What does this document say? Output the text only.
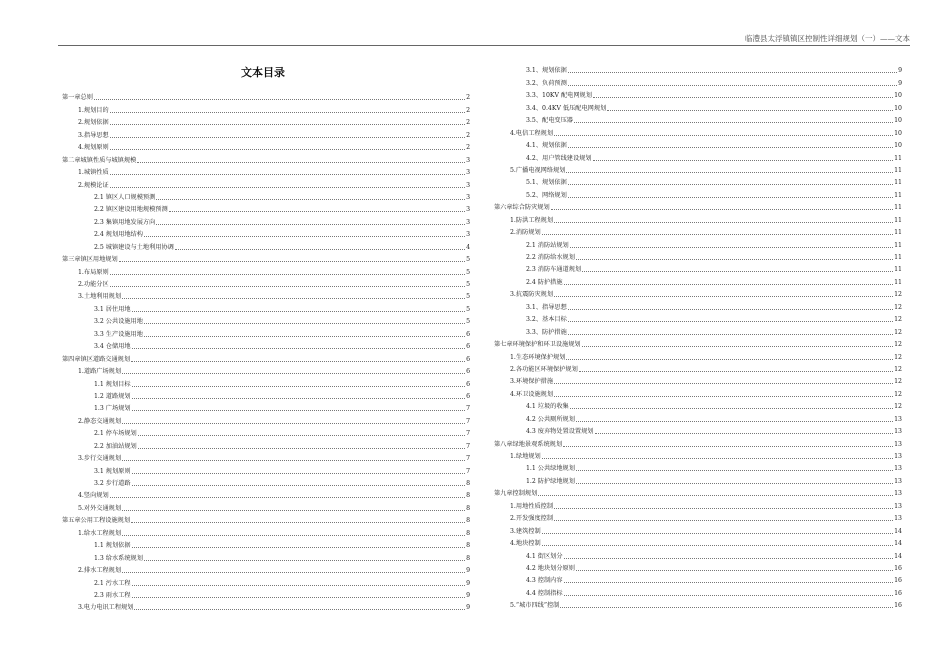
临澧县太浮镇镇区控制性详细规划（一）——文本
文本目录
第一章总则	2
1.规划目的	2
2.规划依据	2
3.指导思想	2
4.规划原则	2
第二章城镇性质与城镇规模	3
1.城镇性质	3
2.规模论证	3
2.1 镇区人口规模预测	3
2.2 镇区建设用地规模预测	3
2.3 集镇用地发展方向	3
2.4 规划用地结构	3
2.5 城镇建设与土地利用协调	4
第三章镇区用地规划	5
1.布局原则	5
2.功能分区	5
3.土地利用规划	5
3.1 居住用地	5
3.2 公共设施用地	5
3.3 生产设施用地	6
3.4 仓储用地	6
第四章镇区道路交通规划	6
1.道路广场规划	6
1.1 规划目标	6
1.2 道路规划	6
1.3 广场规划	7
2.静态交通规划	7
2.1 停车场规划	7
2.2 加油站规划	7
3.步行交通规划	7
3.1 规划原则	7
3.2 步行道路	8
4.竖向规划	8
5.对外交通规划	8
第五章公用工程设施规划	8
1.给水工程规划	8
1.1 规划依据	8
1.3 给水系统规划	8
2.排水工程规划	9
2.1 污水工程	9
2.3 雨水工程	9
3.电力电讯工程规划	9
3.1、规划依据	9
3.2、负荷预测	9
3.3、10KV 配电网规划	10
3.4、0.4KV 低压配电网规划	10
3.5、配电变压器	10
4.电信工程规划	10
4.1、规划依据	10
4.2、用户管线建设规划	11
5.广播电视网络规划	11
5.1、规划依据	11
5.2、网络规划	11
第六章综合防灾规划	11
1.防洪工程规划	11
2.消防规划	11
2.1 消防站规划	11
2.2 消防给水规划	11
2.3 消防车通道规划	11
2.4 防护措施	11
3.抗震防灾规划	12
3.1、指导思想	12
3.2、基本目标	12
3.3、防护措施	12
第七章环境保护和环卫设施规划	12
1.生态环境保护规划	12
2.各功能区环境保护规划	12
3.环境保护措施	12
4.环卫设施规划	12
4.1 垃圾的收集	12
4.2 公共厕所规划	13
4.3 废弃物处置设置规划	13
第八章绿地景观系统规划	13
1.绿地规划	13
1.1 公共绿地规划	13
1.2 防护绿地规划	13
第九章控制规划	13
1.用地性质控制	13
2.开发强度控制	13
3.建筑控制	14
4.地块控制	14
4.1 街区划分	14
4.2 地块划分原则	16
4.3 控制内容	16
4.4 控制指标	16
5.“城市四线”控制	16
